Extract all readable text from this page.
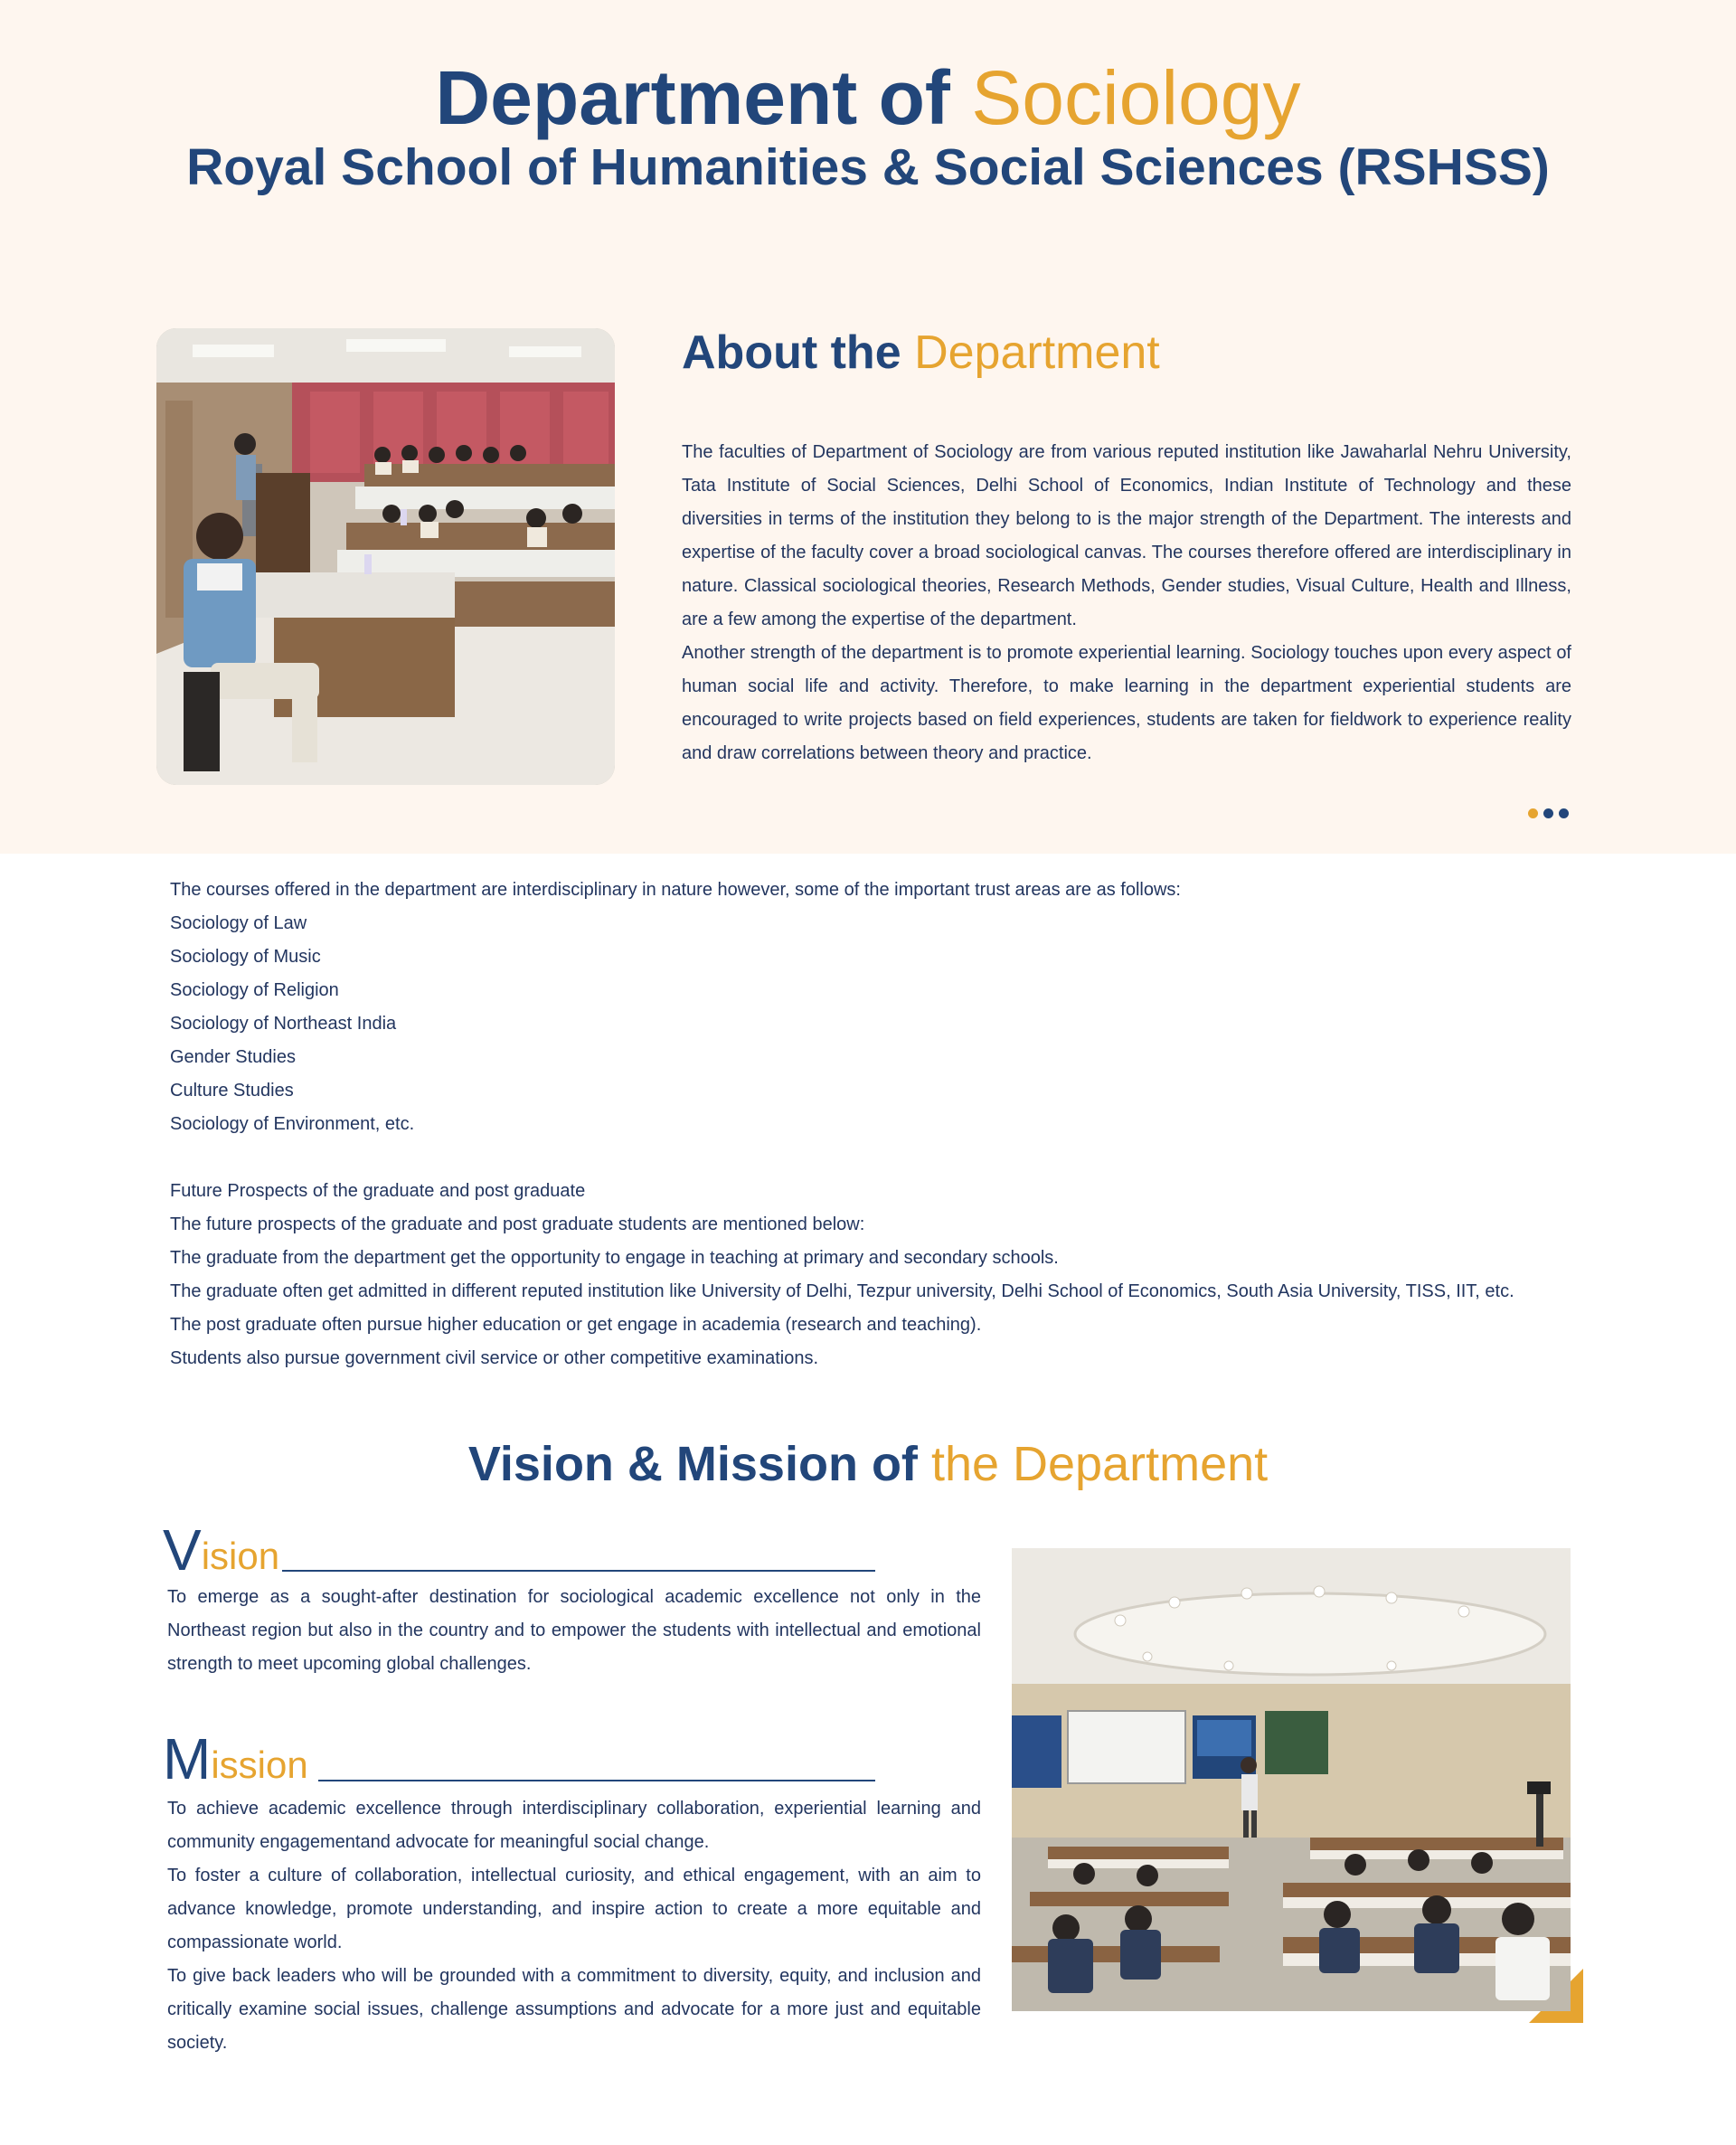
Department of Sociology
Royal School of Humanities & Social Sciences (RSHSS)
About the Department

The faculties of Department of Sociology are from various reputed institution like Jawaharlal Nehru University, Tata Institute of Social Sciences, Delhi School of Economics, Indian Institute of Technology and these diversities in terms of the institution they belong to is the major strength of the Department. The interests and expertise of the faculty cover a broad sociological canvas. The courses therefore offered are interdisciplinary in nature. Classical sociological theories, Research Methods, Gender studies, Visual Culture, Health and Illness, are a few among the expertise of the department.

Another strength of the department is to promote experiential learning. Sociology touches upon every aspect of human social life and activity. Therefore, to make learning in the department experiential students are encouraged to write projects based on field experiences, students are taken for fieldwork to experience reality and draw correlations between theory and practice.

The courses offered in the department are interdisciplinary in nature however, some of the important trust areas are as follows:

Sociology of Law

Sociology of Music

Sociology of Religion

Sociology of Northeast India

Gender Studies

Culture Studies

Sociology of Environment, etc.

Future Prospects of the graduate and post graduate

The future prospects of the graduate and post graduate students are mentioned below:

The graduate from the department get the opportunity to engage in teaching at primary and secondary schools.

The graduate often get admitted in different reputed institution like University of Delhi, Tezpur university, Delhi School of Economics, South Asia University, TISS, IIT, etc.

The post graduate often pursue higher education or get engage in academia (research and teaching).

Students also pursue government civil service or other competitive examinations.

Vision & Mission of the Department
V ision

To emerge as a sought-after destination for sociological academic excellence not only in the Northeast region but also in the country and to empower the students with intellectual and emotional strength to meet upcoming global challenges.

M ission

To achieve academic excellence through interdisciplinary collaboration, experiential learning and community engagementand advocate for meaningful social change.

To foster a culture of collaboration, intellectual curiosity, and ethical engagement, with an aim to advance knowledge, promote understanding, and inspire action to create a more equitable and compassionate world.

To give back leaders who will be grounded with a commitment to diversity, equity, and inclusion and critically examine social issues, challenge assumptions and advocate for a more just and equitable society.
